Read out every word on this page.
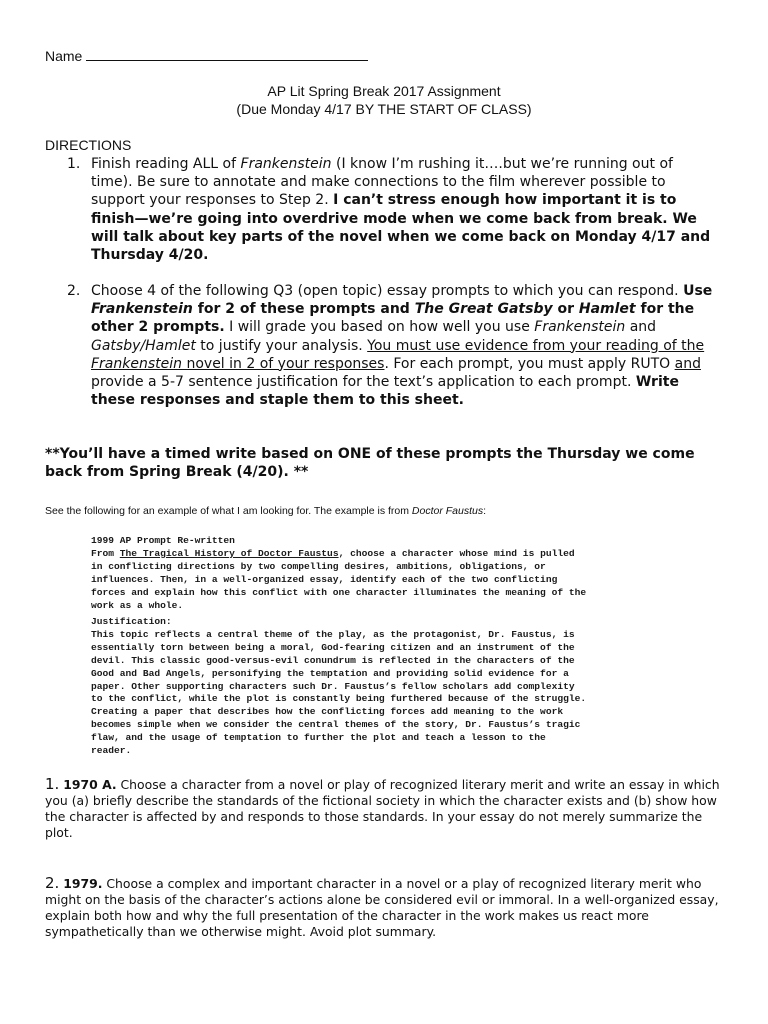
Name
AP Lit Spring Break 2017 Assignment
(Due Monday 4/17 BY THE START OF CLASS)
DIRECTIONS
1. Finish reading ALL of Frankenstein (I know I’m rushing it….but we’re running out of time). Be sure to annotate and make connections to the film wherever possible to support your responses to Step 2. I can’t stress enough how important it is to finish—we’re going into overdrive mode when we come back from break. We will talk about key parts of the novel when we come back on Monday 4/17 and Thursday 4/20.
2. Choose 4 of the following Q3 (open topic) essay prompts to which you can respond. Use Frankenstein for 2 of these prompts and The Great Gatsby or Hamlet for the other 2 prompts. I will grade you based on how well you use Frankenstein and Gatsby/Hamlet to justify your analysis. You must use evidence from your reading of the Frankenstein novel in 2 of your responses. For each prompt, you must apply RUTO and provide a 5-7 sentence justification for the text’s application to each prompt. Write these responses and staple them to this sheet.
**You’ll have a timed write based on ONE of these prompts the Thursday we come back from Spring Break (4/20). **
See the following for an example of what I am looking for. The example is from Doctor Faustus:
1999 AP Prompt Re-written
From The Tragical History of Doctor Faustus, choose a character whose mind is pulled in conflicting directions by two compelling desires, ambitions, obligations, or influences. Then, in a well-organized essay, identify each of the two conflicting forces and explain how this conflict with one character illuminates the meaning of the work as a whole.
Justification:
This topic reflects a central theme of the play, as the protagonist, Dr. Faustus, is essentially torn between being a moral, God-fearing citizen and an instrument of the devil. This classic good-versus-evil conundrum is reflected in the characters of the Good and Bad Angels, personifying the temptation and providing solid evidence for a paper. Other supporting characters such Dr. Faustus’s fellow scholars add complexity to the conflict, while the plot is constantly being furthered because of the struggle. Creating a paper that describes how the conflicting forces add meaning to the work becomes simple when we consider the central themes of the story, Dr. Faustus’s tragic flaw, and the usage of temptation to further the plot and teach a lesson to the reader.
1. 1970 A. Choose a character from a novel or play of recognized literary merit and write an essay in which you (a) briefly describe the standards of the fictional society in which the character exists and (b) show how the character is affected by and responds to those standards. In your essay do not merely summarize the plot.
2. 1979. Choose a complex and important character in a novel or a play of recognized literary merit who might on the basis of the character’s actions alone be considered evil or immoral. In a well-organized essay, explain both how and why the full presentation of the character in the work makes us react more sympathetically than we otherwise might. Avoid plot summary.
